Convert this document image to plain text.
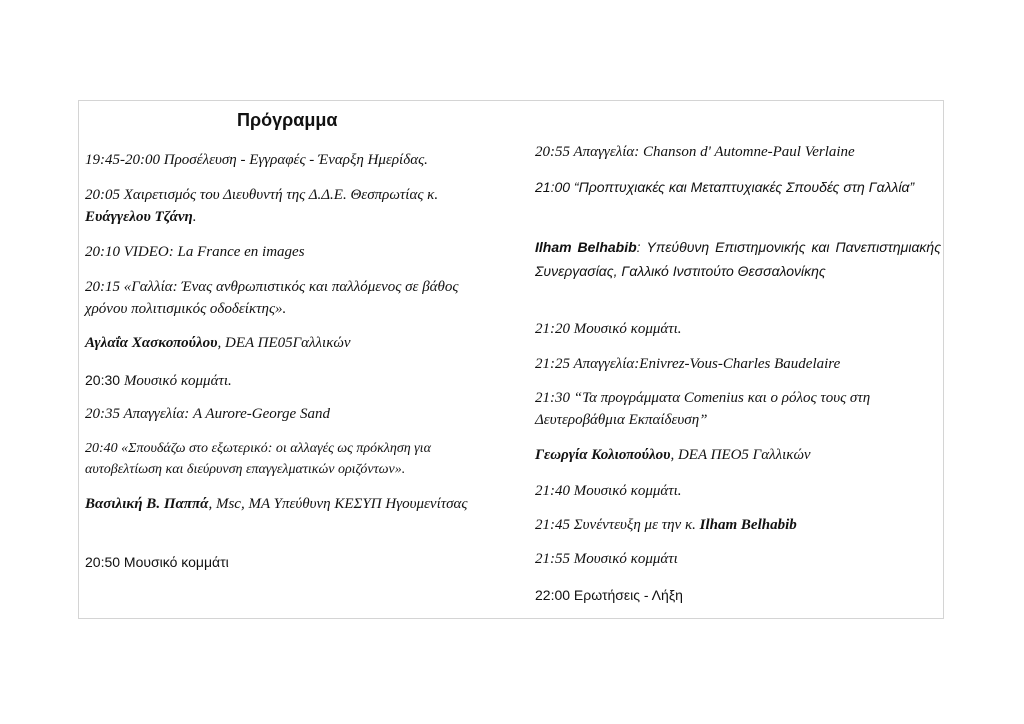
Πρόγραμμα

19:45-20:00 Προσέλευση - Εγγραφές - Έναρξη Ημερίδας.

20:05 Χαιρετισμός του Διευθυντή της Δ.Δ.Ε. Θεσπρωτίας κ. Ευάγγελου Τζάνη.

20:10 VIDEO: La France en images

20:15 «Γαλλία: Ένας ανθρωπιστικός και παλλόμενος σε βάθος χρόνου πολιτισμικός οδοδείκτης».

Αγλαΐα Χασκοπούλου, DEA ΠΕ05Γαλλικών

20:30 Μουσικό κομμάτι.

20:35 Απαγγελία: A Aurore-George Sand

20:40 «Σπουδάζω στο εξωτερικό: οι αλλαγές ως πρόκληση για αυτοβελτίωση και διεύρυνση επαγγελματικών οριζόντων».

Βασιλική Β. Παππά, Msc, MA Υπεύθυνη ΚΕΣΥΠ Ηγουμενίτσας

20:50 Μουσικό κομμάτι

20:55 Απαγγελία: Chanson d' Automne-Paul Verlaine

21:00 “Προπτυχιακές και Μεταπτυχιακές Σπουδές στη Γαλλία”

Ilham Belhabib: Υπεύθυνη Επιστημονικής και Πανεπιστημιακής Συνεργασίας, Γαλλικό Ινστιτούτο Θεσσαλονίκης

21:20 Μουσικό κομμάτι.

21:25 Απαγγελία:Enivrez-Vous-Charles Baudelaire

21:30 “Τα προγράμματα Comenius και ο ρόλος τους στη Δευτεροβάθμια Εκπαίδευση”

Γεωργία Κολιοπούλου, DEA ΠΕΟ5 Γαλλικών

21:40 Μουσικό κομμάτι.

21:45 Συνέντευξη με την κ. Ilham Belhabib

21:55 Μουσικό κομμάτι

22:00 Ερωτήσεις - Λήξη
